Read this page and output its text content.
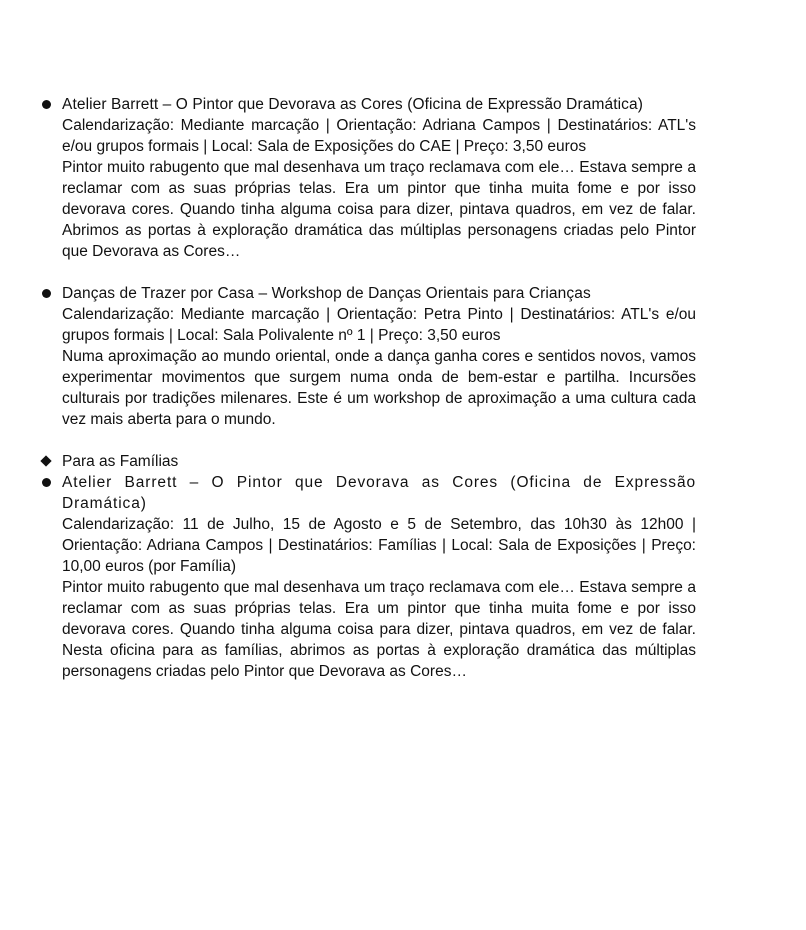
Atelier Barrett – O Pintor que Devorava as Cores (Oficina de Expressão Dramática)

Calendarização: Mediante marcação | Orientação: Adriana Campos | Destinatários: ATL's e/ou grupos formais | Local: Sala de Exposições do CAE | Preço: 3,50 euros

Pintor muito rabugento que mal desenhava um traço reclamava com ele… Estava sempre a reclamar com as suas próprias telas. Era um pintor que tinha muita fome e por isso devorava cores. Quando tinha alguma coisa para dizer, pintava quadros, em vez de falar. Abrimos as portas à exploração dramática das múltiplas personagens criadas pelo Pintor que Devorava as Cores…

Danças de Trazer por Casa – Workshop de Danças Orientais para Crianças

Calendarização: Mediante marcação | Orientação: Petra Pinto | Destinatários: ATL's e/ou grupos formais | Local: Sala Polivalente nº 1 | Preço: 3,50 euros

Numa aproximação ao mundo oriental, onde a dança ganha cores e sentidos novos, vamos experimentar movimentos que surgem numa onda de bem-estar e partilha. Incursões culturais por tradições milenares. Este é um workshop de aproximação a uma cultura cada vez mais aberta para o mundo.

Para as Famílias

Atelier Barrett – O Pintor que Devorava as Cores (Oficina de Expressão Dramática)

Calendarização: 11 de Julho, 15 de Agosto e 5 de Setembro, das 10h30 às 12h00 | Orientação: Adriana Campos | Destinatários: Famílias | Local: Sala de Exposições | Preço: 10,00 euros (por Família)

Pintor muito rabugento que mal desenhava um traço reclamava com ele… Estava sempre a reclamar com as suas próprias telas. Era um pintor que tinha muita fome e por isso devorava cores. Quando tinha alguma coisa para dizer, pintava quadros, em vez de falar. Nesta oficina para as famílias, abrimos as portas à exploração dramática das múltiplas personagens criadas pelo Pintor que Devorava as Cores…
